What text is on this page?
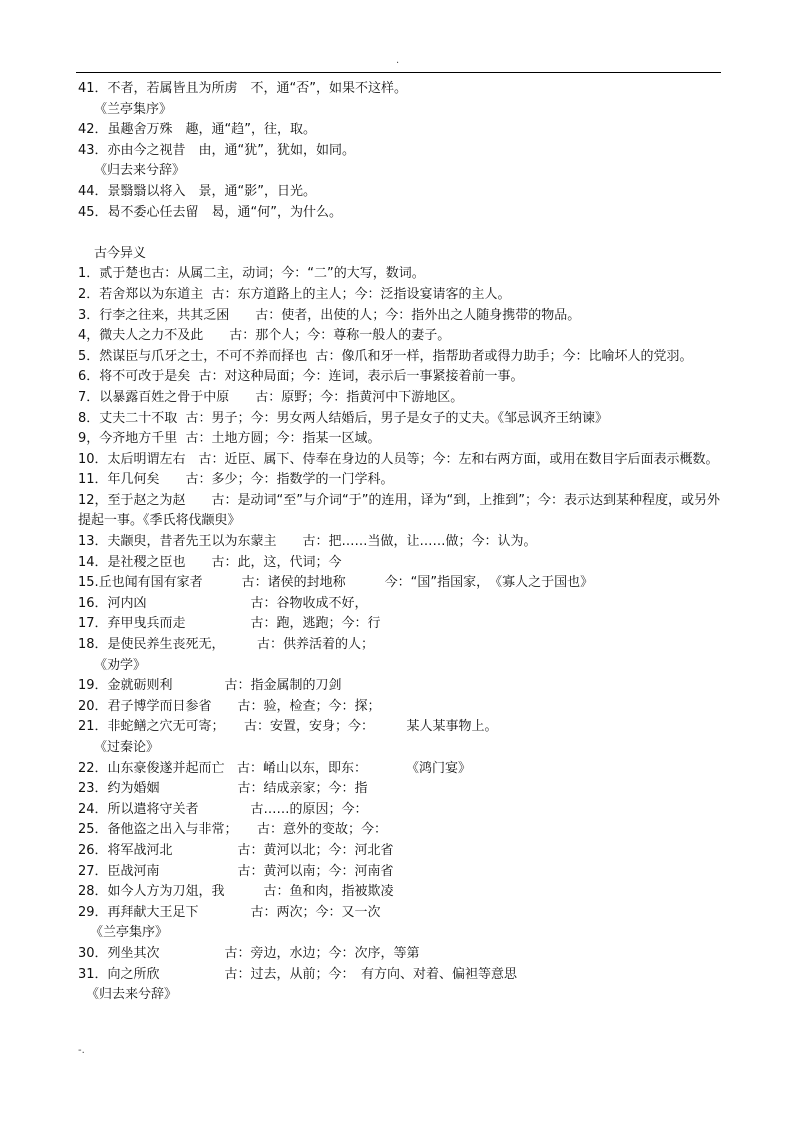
.
41．不者，若属皆且为所虏　不，通“否”，如果不这样。
《兰亭集序》
42．虽趣舍万殊　趣，通“趋”，往，取。
43．亦由今之视昔　由，通“犹”，犹如，如同。
《归去来兮辞》
44．景翳翳以将入　景，通“影”，日光。
45．曷不委心任去留　曷，通“何”，为什么。
古今异义
1．贰于楚也古：从属二主，动词；今：“二”的大写，数词。
2．若舍郑以为东道主  古：东方道路上的主人；今：泛指设宴请客的主人。
3．行李之往来，共其乏困　　古：使者，出使的人；今：指外出之人随身携带的物品。
4，微夫人之力不及此　　古：那个人；今：尊称一般人的妻子。
5．然谋臣与爪牙之士，不可不养而择也  古：像爪和牙一样，指帮助者或得力助手；今：比喻坏人的党羽。
6．将不可改于是矣  古：对这种局面；今：连词，表示后一事紧接着前一事。
7．以暴露百姓之骨于中原　　古：原野；今：指黄河中下游地区。
8．丈夫二十不取  古：男子；今：男女两人结婚后，男子是女子的丈夫。《邹忌讽齐王纳谏》
9，今齐地方千里  古：土地方圆；今：指某一区域。
10．太后明谓左右　古：近臣、属下、侍奉在身边的人员等；今：左和右两方面，或用在数目字后面表示概数。
11．年几何矣　　古：多少；今：指数学的一门学科。
12，至于赵之为赵　　古：是动词“至”与介词“于”的连用，译为“到，上推到”；今：表示达到某种程度，或另外提起一事。《季氏将伐颛臾》
13．夫颛臾，昔者先王以为东蒙主　　古：把……当做，让……做；今：认为。
14．是社稷之臣也　　古：此，这，代词；今
15.丘也闻有国有家者　　　古：诸侯的封地称　　　今：“国”指国家，　《寡人之于国也》
16．河内凶　　　　　　　　古：谷物收成不好，
17．弃甲曳兵而走　　　　　古：跑，逃跑；今：行
18．是使民养生丧死无，　　　古：供养活着的人；
《劝学》
19．金就砺则利　　　　古：指金属制的刀剑
20．君子博学而日参省　　古：验，检查；今：探；
21．非蛇鳝之穴无可寄；　　古：安置，安身；今：　　　某人某事物上。
《过秦论》
22．山东豪俊遂并起而亡   古：崤山以东，即东：　　　　《鸿门宴》
23．约为婚姻　　　　　　古：结成亲家；今：指
24．所以遣将守关者　　　　古……的原因；今：
25．备他盗之出入与非常；　　古：意外的变故；今：
26．将军战河北　　　　　古：黄河以北；今：河北省
27．臣战河南　　　　　　古：黄河以南；今：河南省
28．如今人方为刀俎，我　　　古：鱼和肉，指被欺凌
29．再拜献大王足下　　　　古：两次；今：又一次
《兰亭集序》
30．列坐其次　　　　　古：旁边，水边；今：次序，等第
31．向之所欣　　　　　古：过去，从前；今：　有方向、对着、偏袒等意思
《归去来兮辞》
-.
